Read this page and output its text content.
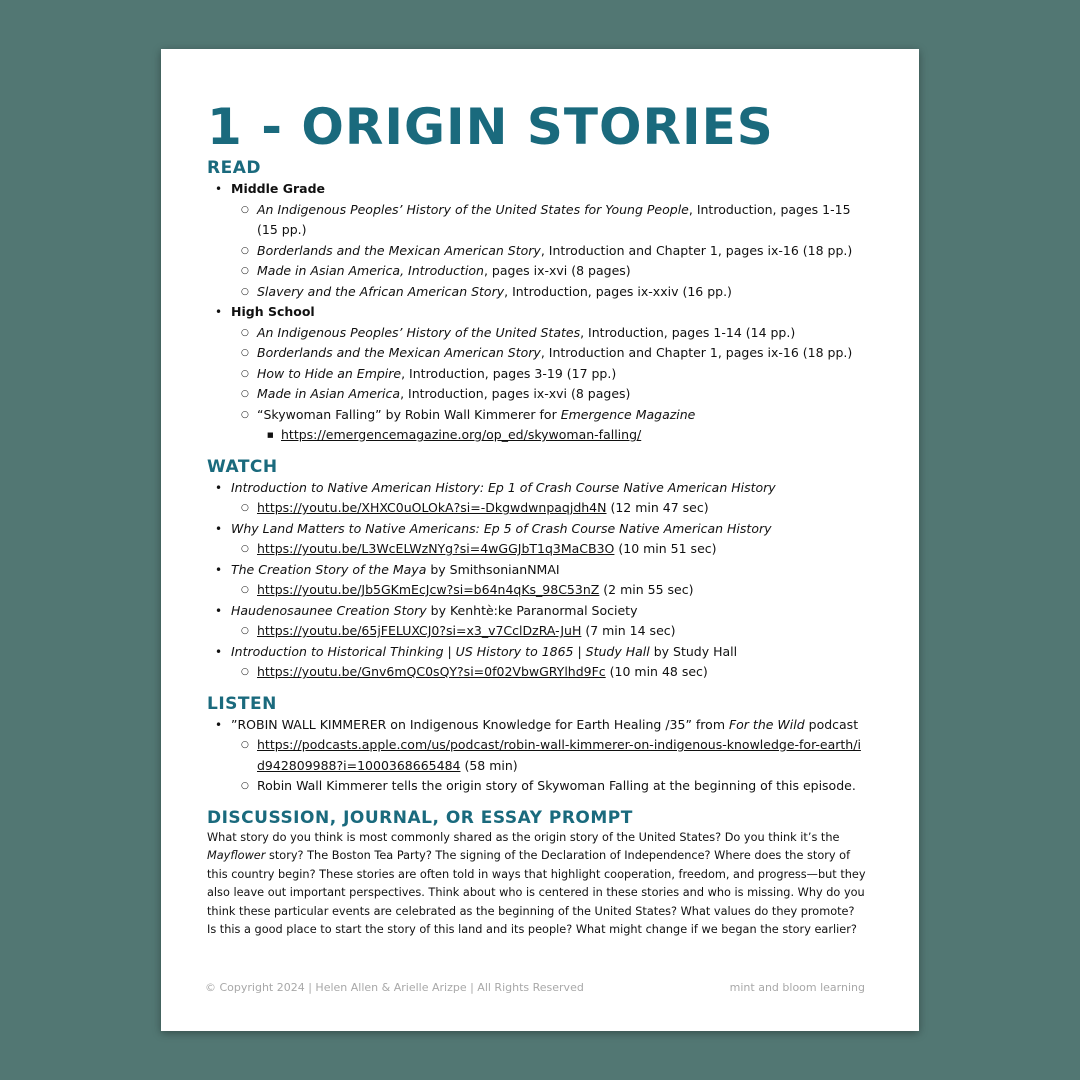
1 - ORIGIN STORIES
READ
• Middle Grade
○ An Indigenous Peoples’ History of the United States for Young People, Introduction, pages 1-15 (15 pp.)
○ Borderlands and the Mexican American Story, Introduction and Chapter 1, pages ix-16 (18 pp.)
○ Made in Asian America, Introduction, pages ix-xvi (8 pages)
○ Slavery and the African American Story, Introduction, pages ix-xxiv (16 pp.)
• High School
○ An Indigenous Peoples’ History of the United States, Introduction, pages 1-14 (14 pp.)
○ Borderlands and the Mexican American Story, Introduction and Chapter 1, pages ix-16 (18 pp.)
○ How to Hide an Empire, Introduction, pages 3-19 (17 pp.)
○ Made in Asian America, Introduction, pages ix-xvi (8 pages)
○ “Skywoman Falling” by Robin Wall Kimmerer for Emergence Magazine
■ https://emergencemagazine.org/op_ed/skywoman-falling/
WATCH
• Introduction to Native American History: Ep 1 of Crash Course Native American History
○ https://youtu.be/XHXC0uOLOkA?si=-Dkgwdwnpaqjdh4N (12 min 47 sec)
• Why Land Matters to Native Americans: Ep 5 of Crash Course Native American History
○ https://youtu.be/L3WcELWzNYg?si=4wGGJbT1q3MaCB3O (10 min 51 sec)
• The Creation Story of the Maya by SmithsonianNMAI
○ https://youtu.be/Jb5GKmEcJcw?si=b64n4qKs_98C53nZ (2 min 55 sec)
• Haudenosaunee Creation Story by Kenhtè:ke Paranormal Society
○ https://youtu.be/65jFELUXCJ0?si=x3_v7CclDzRA-JuH (7 min 14 sec)
• Introduction to Historical Thinking | US History to 1865 | Study Hall by Study Hall
○ https://youtu.be/Gnv6mQC0sQY?si=0f02VbwGRYlhd9Fc (10 min 48 sec)
LISTEN
• ”ROBIN WALL KIMMERER on Indigenous Knowledge for Earth Healing /35” from For the Wild podcast
○ https://podcasts.apple.com/us/podcast/robin-wall-kimmerer-on-indigenous-knowledge-for-earth/id942809988?i=1000368665484 (58 min)
○ Robin Wall Kimmerer tells the origin story of Skywoman Falling at the beginning of this episode.
DISCUSSION, JOURNAL, OR ESSAY PROMPT

What story do you think is most commonly shared as the origin story of the United States? Do you think it’s the Mayflower story? The Boston Tea Party? The signing of the Declaration of Independence? Where does the story of this country begin? These stories are often told in ways that highlight cooperation, freedom, and progress—but they also leave out important perspectives. Think about who is centered in these stories and who is missing. Why do you think these particular events are celebrated as the beginning of the United States? What values do they promote? Is this a good place to start the story of this land and its people? What might change if we began the story earlier?

© Copyright 2024 | Helen Allen & Arielle Arizpe | All Rights Reserved	mint and bloom learning
